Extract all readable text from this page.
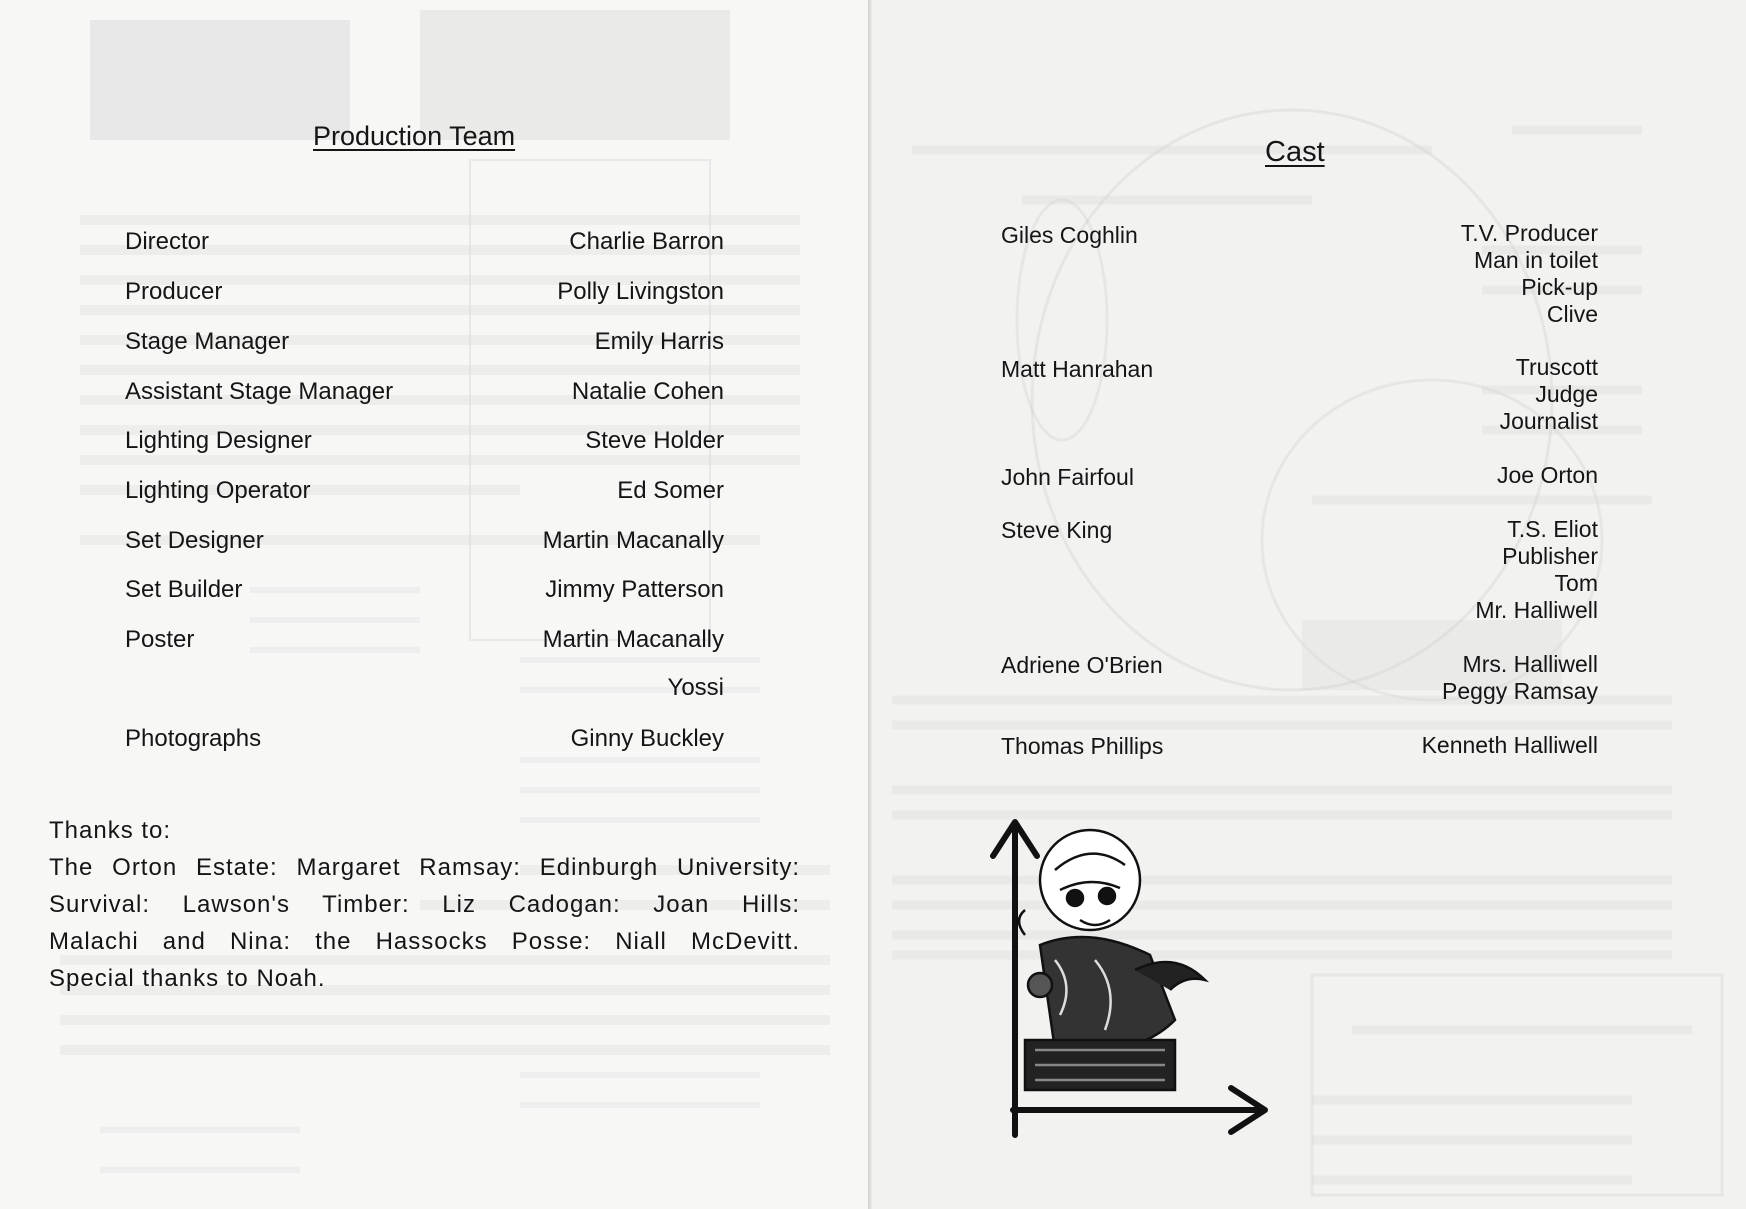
Production Team
Director	Charlie Barron
Producer	Polly Livingston
Stage Manager	Emily Harris
Assistant Stage Manager	Natalie Cohen
Lighting Designer	Steve Holder
Lighting Operator	Ed Somer
Set Designer	Martin Macanally
Set Builder	Jimmy Patterson
Poster	Martin Macanally
Yossi
Photographs	Ginny Buckley
Thanks to:
The Orton Estate: Margaret Ramsay: Edinburgh University:
Survival: Lawson's Timber: Liz Cadogan: Joan Hills:
Malachi and Nina: the Hassocks Posse: Niall McDevitt.
Special thanks to Noah.
Cast
Giles Coghlin	T.V. Producer
Man in toilet
Pick-up
Clive
Matt Hanrahan	Truscott
Judge
Journalist
John Fairfoul	Joe Orton
Steve King	T.S. Eliot
Publisher
Tom
Mr. Halliwell
Adriene O'Brien	Mrs. Halliwell
Peggy Ramsay
Thomas Phillips	Kenneth Halliwell
